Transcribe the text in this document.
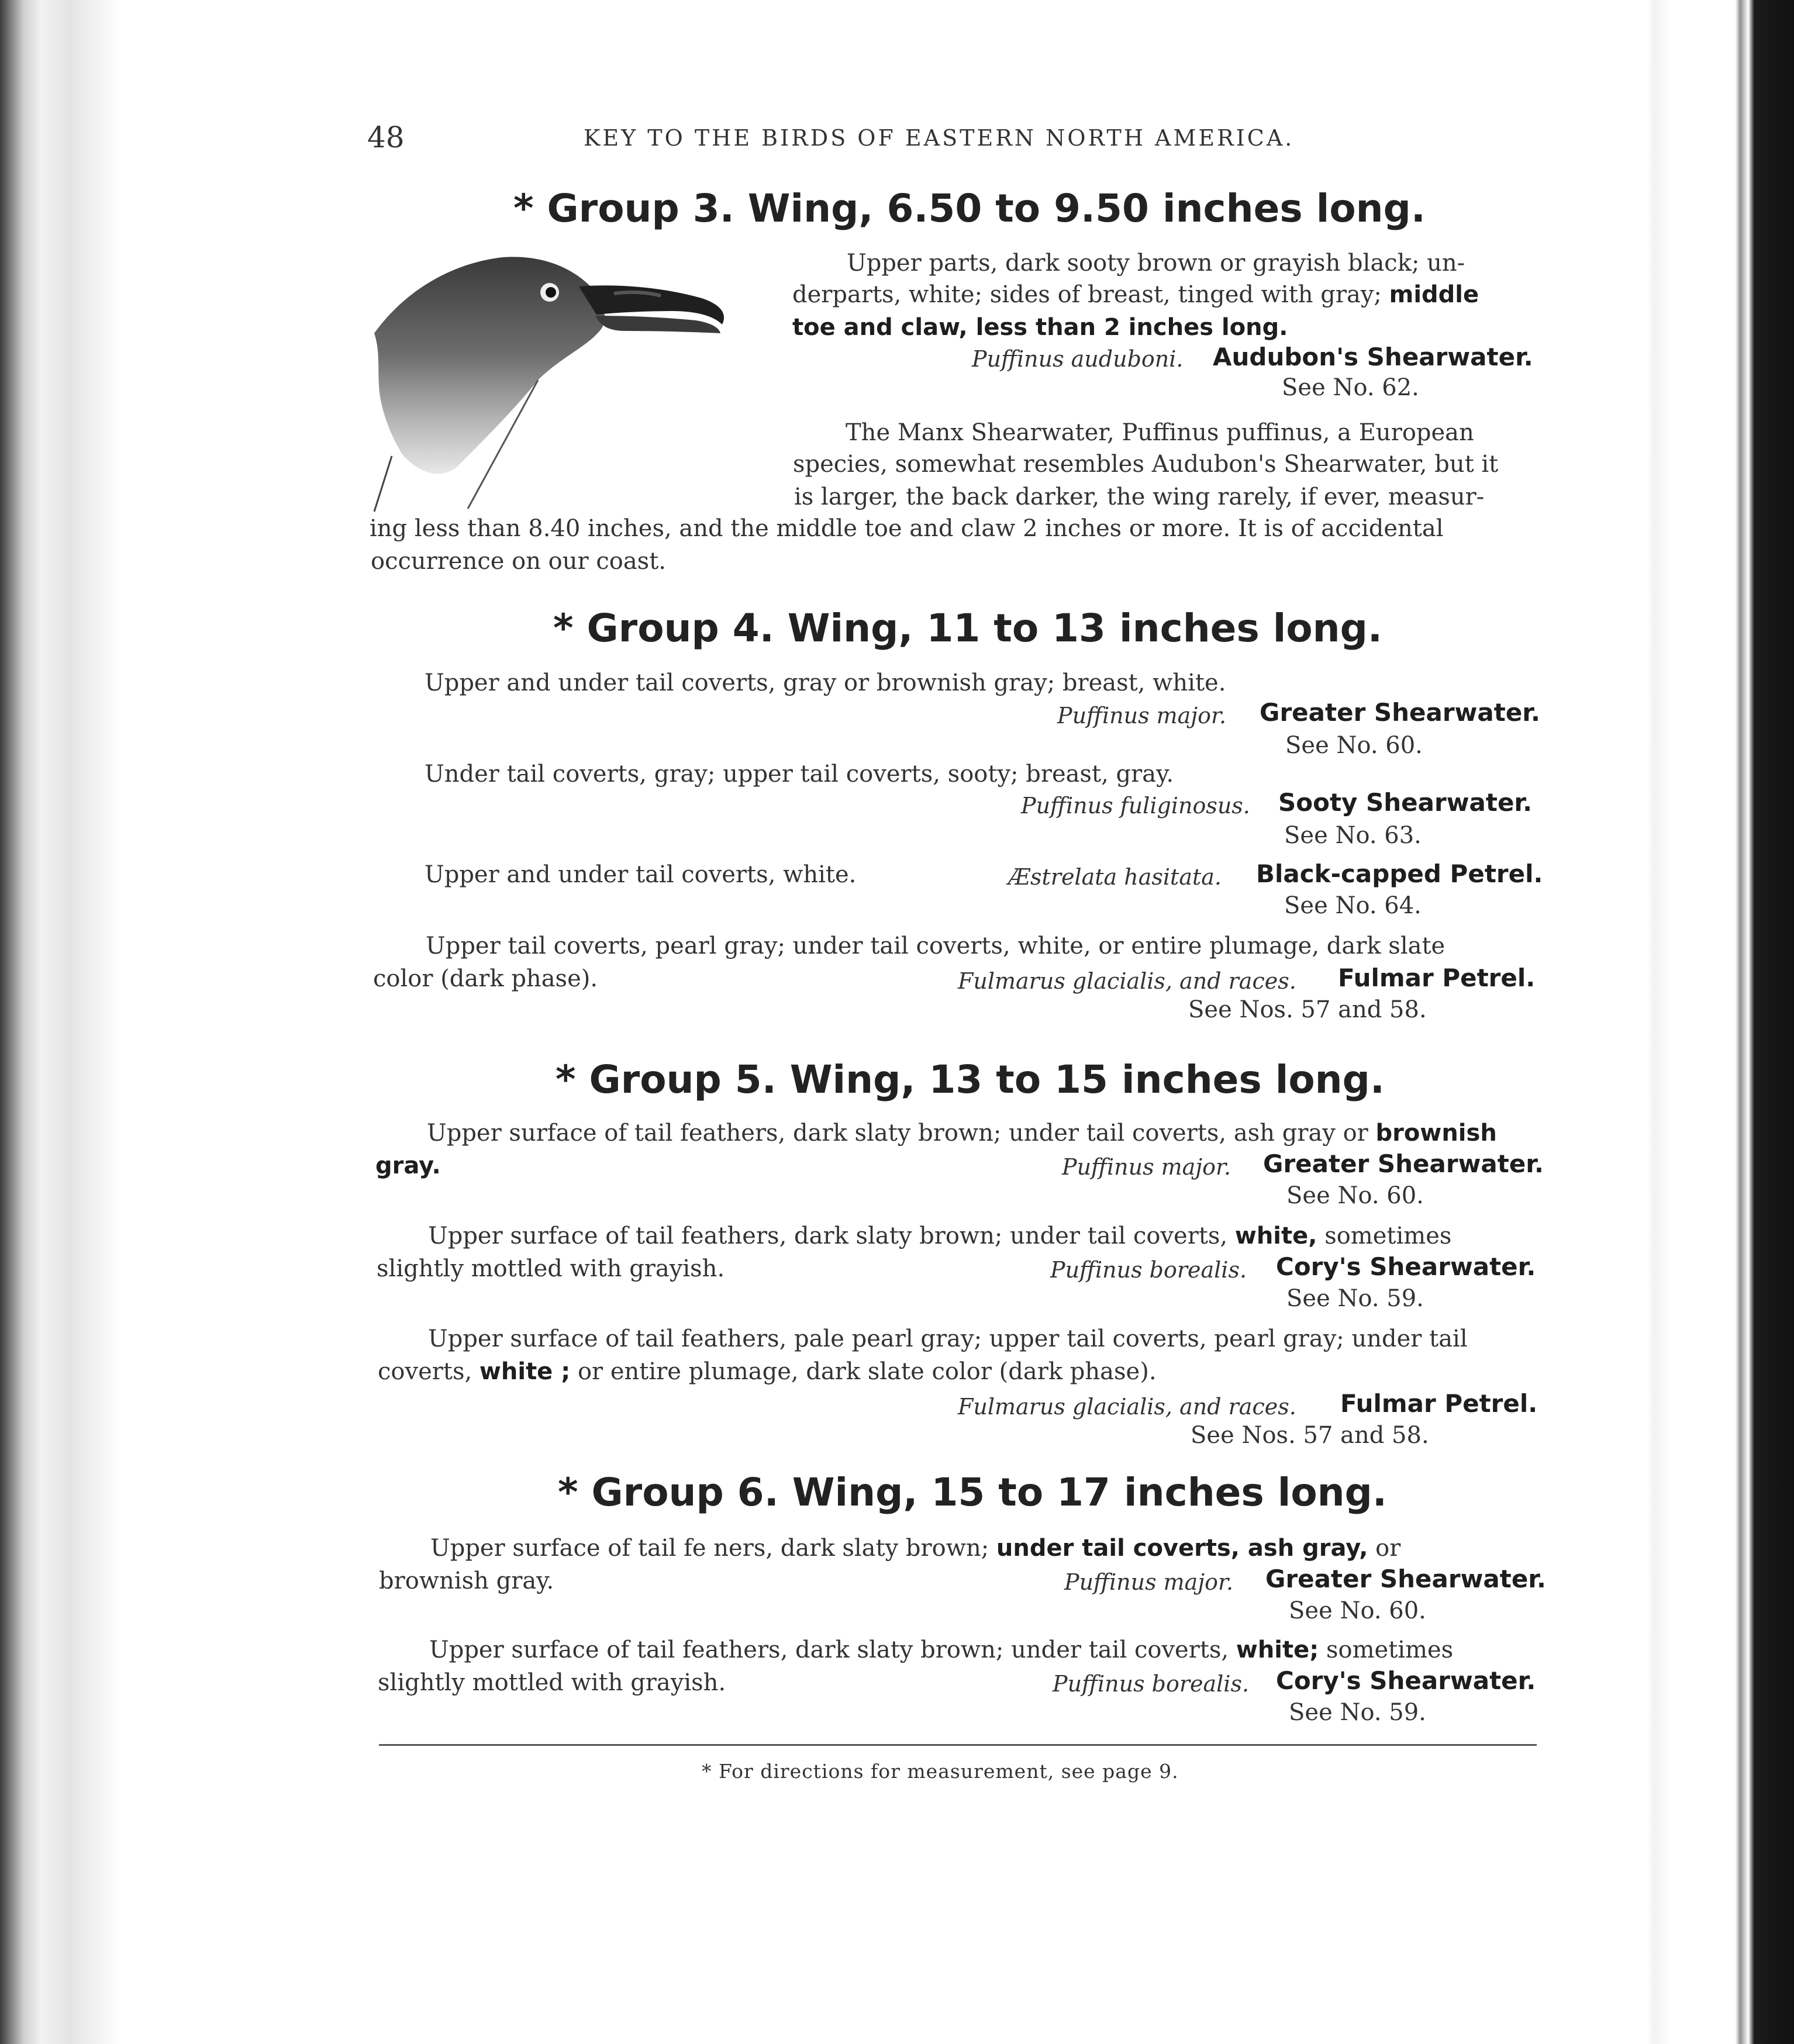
48	KEY TO THE BIRDS OF EASTERN NORTH AMERICA.
* Group 3. Wing, 6.50 to 9.50 inches long.
Upper parts, dark sooty brown or grayish black; un-
derparts, white; sides of breast, tinged with gray; middle
toe and claw, less than 2 inches long.
Puffinus auduboni. Audubon's Shearwater.
See No. 62.
The Manx Shearwater, Puffinus puffinus, a European
species, somewhat resembles Audubon's Shearwater, but it
is larger, the back darker, the wing rarely, if ever, measur-
ing less than 8.40 inches, and the middle toe and claw 2 inches or more. It is of accidental
occurrence on our coast.
* Group 4. Wing, 11 to 13 inches long.
Upper and under tail coverts, gray or brownish gray; breast, white.
Puffinus major. Greater Shearwater.
See No. 60.
Under tail coverts, gray; upper tail coverts, sooty; breast, gray.
Puffinus fuliginosus. Sooty Shearwater.
See No. 63.
Upper and under tail coverts, white.	Æstrelata hasitata. Black-capped Petrel.
See No. 64.
Upper tail coverts, pearl gray; under tail coverts, white, or entire plumage, dark slate
color (dark phase).	Fulmarus glacialis, and races. Fulmar Petrel.
See Nos. 57 and 58.
* Group 5. Wing, 13 to 15 inches long.
Upper surface of tail feathers, dark slaty brown; under tail coverts, ash gray or brownish
gray.	Puffinus major. Greater Shearwater.
See No. 60.
Upper surface of tail feathers, dark slaty brown; under tail coverts, white, sometimes
slightly mottled with grayish.	Puffinus borealis. Cory's Shearwater.
See No. 59.
Upper surface of tail feathers, pale pearl gray; upper tail coverts, pearl gray; under tail
coverts, white ; or entire plumage, dark slate color (dark phase).
Fulmarus glacialis, and races. Fulmar Petrel.
See Nos. 57 and 58.
* Group 6. Wing, 15 to 17 inches long.
Upper surface of tail fe ners, dark slaty brown; under tail coverts, ash gray, or
brownish gray.	Puffinus major. Greater Shearwater.
See No. 60.
Upper surface of tail feathers, dark slaty brown; under tail coverts, white; sometimes
slightly mottled with grayish.	Puffinus borealis. Cory's Shearwater.
See No. 59.
* For directions for measurement, see page 9.
